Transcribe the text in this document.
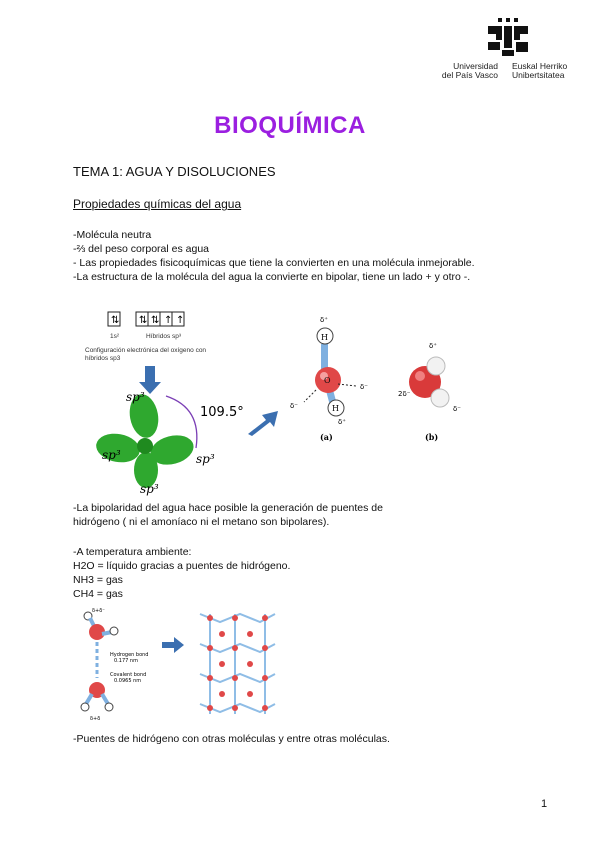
Universidad
del País Vasco
Euskal Herriko
Unibertsitatea
BIOQUÍMICA
TEMA 1: AGUA Y DISOLUCIONES
Propiedades químicas del agua
-Molécula neutra
-⅔ del peso corporal es agua
- Las propiedades fisicoquímicas que tiene la convierten en una molécula inmejorable.
-La estructura de la molécula del agua la convierte en bipolar, tiene un lado + y otro -.
⇅ ⇅ ⇅ ↑ ↑
1s²	Híbridos sp³
Configuración electrónica del oxígeno con
híbridos sp3
sp³
sp³	sp³
sp³
109.5°
H
O
H
δ⁺
δ⁻
δ⁻
δ⁺
(a)
δ⁺
2δ⁻
δ⁻
(b)
-La bipolaridad del agua hace posible la generación de puentes de
hidrógeno ( ni el amoníaco ni el metano son bipolares).
-A temperatura ambiente:
H2O = líquido gracias a puentes de hidrógeno.
NH3 = gas
CH4 = gas
δ+δ⁻
Hydrogen bond
0.177 nm
Covalent bond
0.0965 nm
δ+δ
-Puentes de hidrógeno con otras moléculas y entre otras moléculas.
1
